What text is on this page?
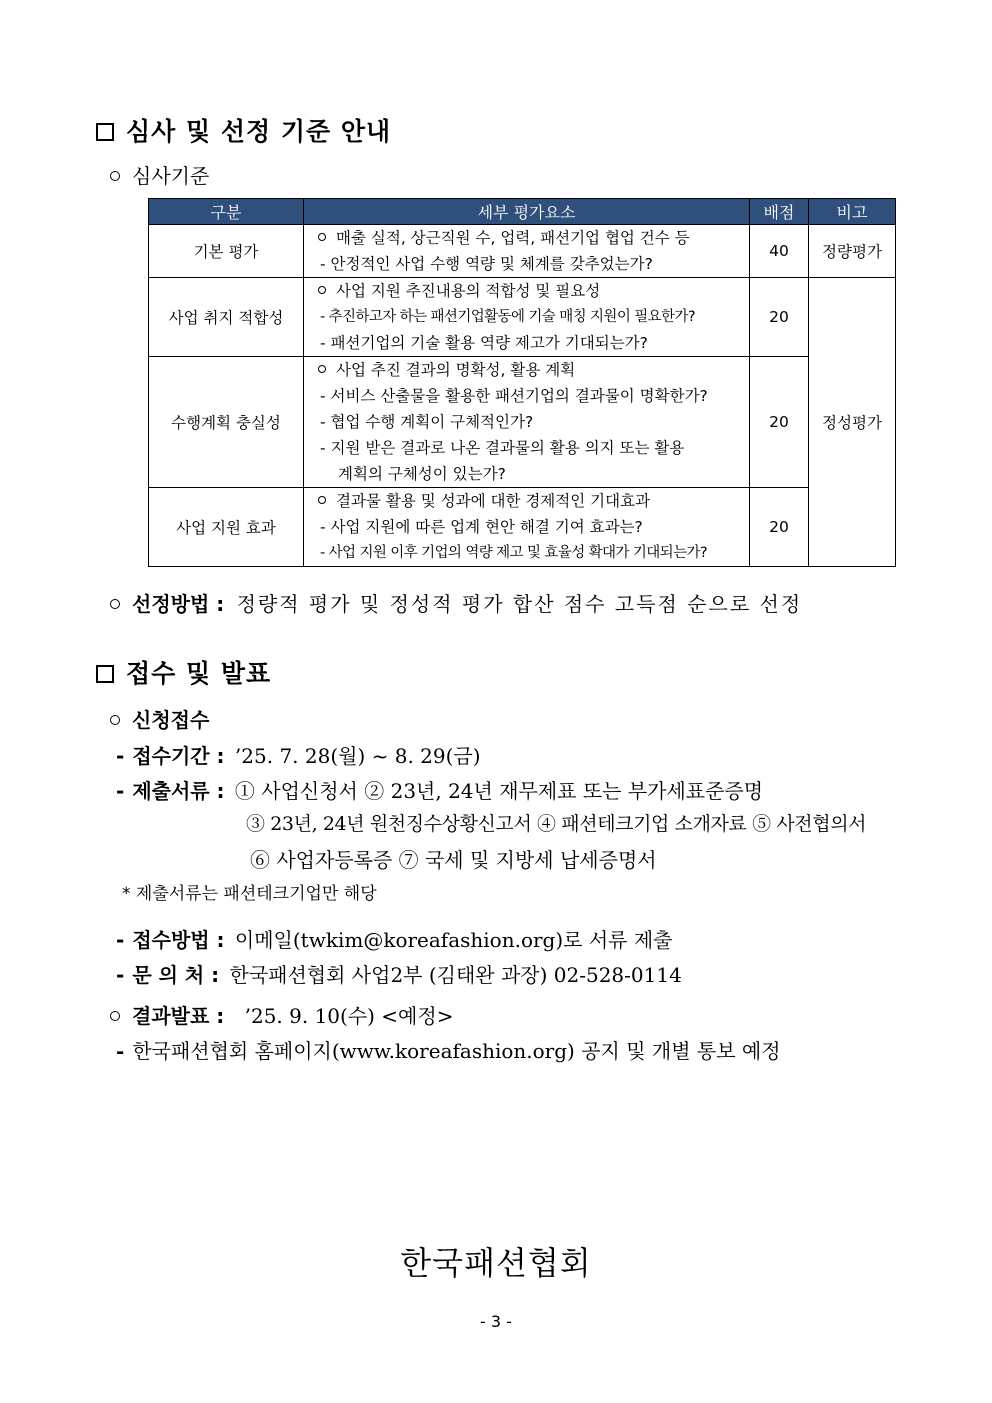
심사 및 선정 기준 안내
심사기준
구분	세부 평가요소	배점	비고
기본 평가	매출 실적, 상근직원 수, 업력, 패션기업 협업 건수 등
- 안정적인 사업 수행 역량 및 체계를 갖추었는가?	40	정량평가
사업 취지 적합성	사업 지원 추진내용의 적합성 및 필요성
- 추진하고자 하는 패션기업활동에 기술 매칭 지원이 필요한가?
- 패션기업의 기술 활용 역량 제고가 기대되는가?	20	정성평가
수행계획 충실성	사업 추진 결과의 명확성, 활용 계획
- 서비스 산출물을 활용한 패션기업의 결과물이 명확한가?
- 협업 수행 계획이 구체적인가?
- 지원 받은 결과로 나온 결과물의 활용 의지 또는 활용
계획의 구체성이 있는가?	20	
사업 지원 효과	결과물 활용 및 성과에 대한 경제적인 기대효과
- 사업 지원에 따른 업계 현안 해결 기여 효과는?
- 사업 지원 이후 기업의 역량 제고 및 효율성 확대가 기대되는가?	20	
선정방법 : 정량적 평가 및 정성적 평가 합산 점수 고득점 순으로 선정
접수 및 발표
신청접수
- 접수기간 : ’25. 7. 28(월) ~ 8. 29(금)
- 제출서류 : ① 사업신청서 ② 23년, 24년 재무제표 또는 부가세표준증명
③ 23년, 24년 원천징수상황신고서 ④ 패션테크기업 소개자료 ⑤ 사전협의서
⑥ 사업자등록증 ⑦ 국세 및 지방세 납세증명서
* 제출서류는 패션테크기업만 해당
- 접수방법 : 이메일(twkim@koreafashion.org)로 서류 제출
- 문 의 처 : 한국패션협회 사업2부 (김태완 과장) 02-528-0114
결과발표 : ’25. 9. 10(수) <예정>
- 한국패션협회 홈페이지(www.koreafashion.org) 공지 및 개별 통보 예정
한국패션협회
- 3 -
